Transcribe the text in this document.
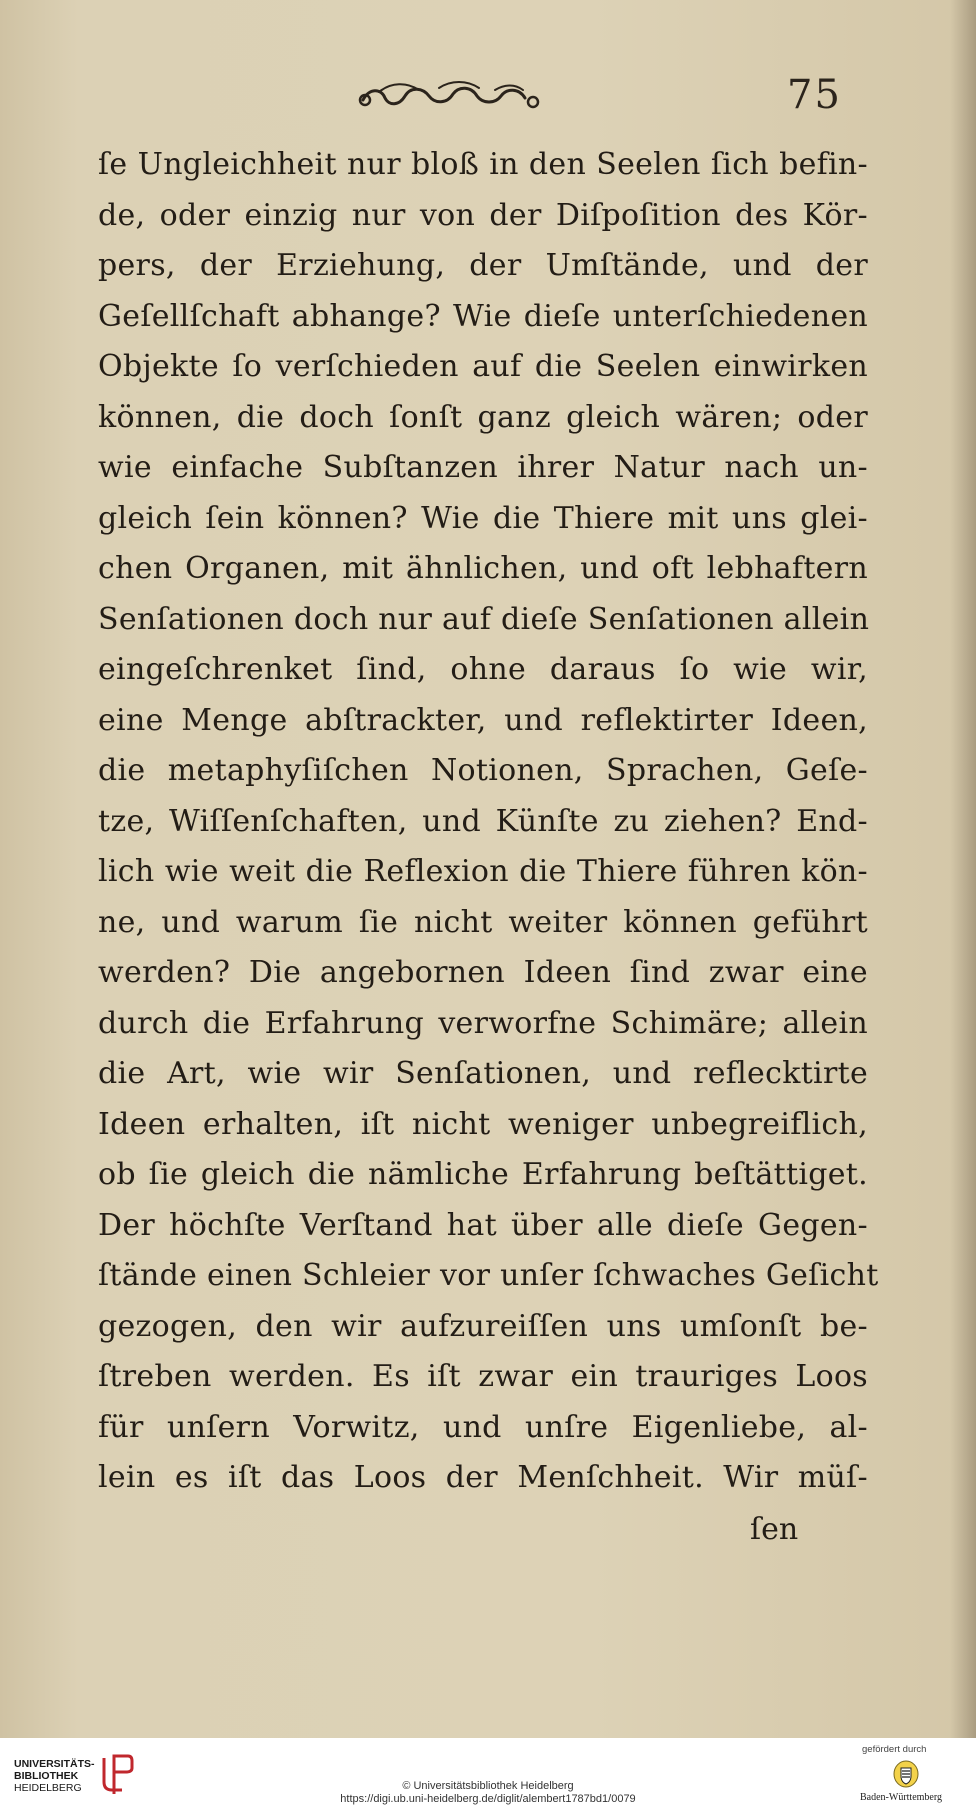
75
ſe Ungleichheit nur bloß in den Seelen ſich befin-
de, oder einzig nur von der Diſpoſition des Kör-
pers, der Erziehung, der Umſtände, und der
Geſellſchaft abhange? Wie dieſe unterſchiedenen
Objekte ſo verſchieden auf die Seelen einwirken
können, die doch ſonſt ganz gleich wären; oder
wie einfache Subſtanzen ihrer Natur nach un-
gleich ſein können? Wie die Thiere mit uns glei-
chen Organen, mit ähnlichen, und oft lebhaftern
Senſationen doch nur auf dieſe Senſationen allein
eingeſchrenket ſind, ohne daraus ſo wie wir,
eine Menge abſtrackter, und reflektirter Ideen,
die metaphyſiſchen Notionen, Sprachen, Geſe-
tze, Wiſſenſchaften, und Künſte zu ziehen? End-
lich wie weit die Reflexion die Thiere führen kön-
ne, und warum ſie nicht weiter können geführt
werden? Die angebornen Ideen ſind zwar eine
durch die Erfahrung verworfne Schimäre; allein
die Art, wie wir Senſationen, und reflecktirte
Ideen erhalten, iſt nicht weniger unbegreiflich,
ob ſie gleich die nämliche Erfahrung beſtättiget.
Der höchſte Verſtand hat über alle dieſe Gegen-
ſtände einen Schleier vor unſer ſchwaches Geſicht
gezogen, den wir aufzureiſſen uns umſonſt be-
ſtreben werden. Es iſt zwar ein trauriges Loos
für unſern Vorwitz, und unſre Eigenliebe, al-
lein es iſt das Loos der Menſchheit. Wir müſ-
ſen
UNIVERSITÄTS-
BIBLIOTHEK
HEIDELBERG	© Universitätsbibliothek Heidelberg
https://digi.ub.uni-heidelberg.de/diglit/alembert1787bd1/0079
gefördert durch
Baden-Württemberg
